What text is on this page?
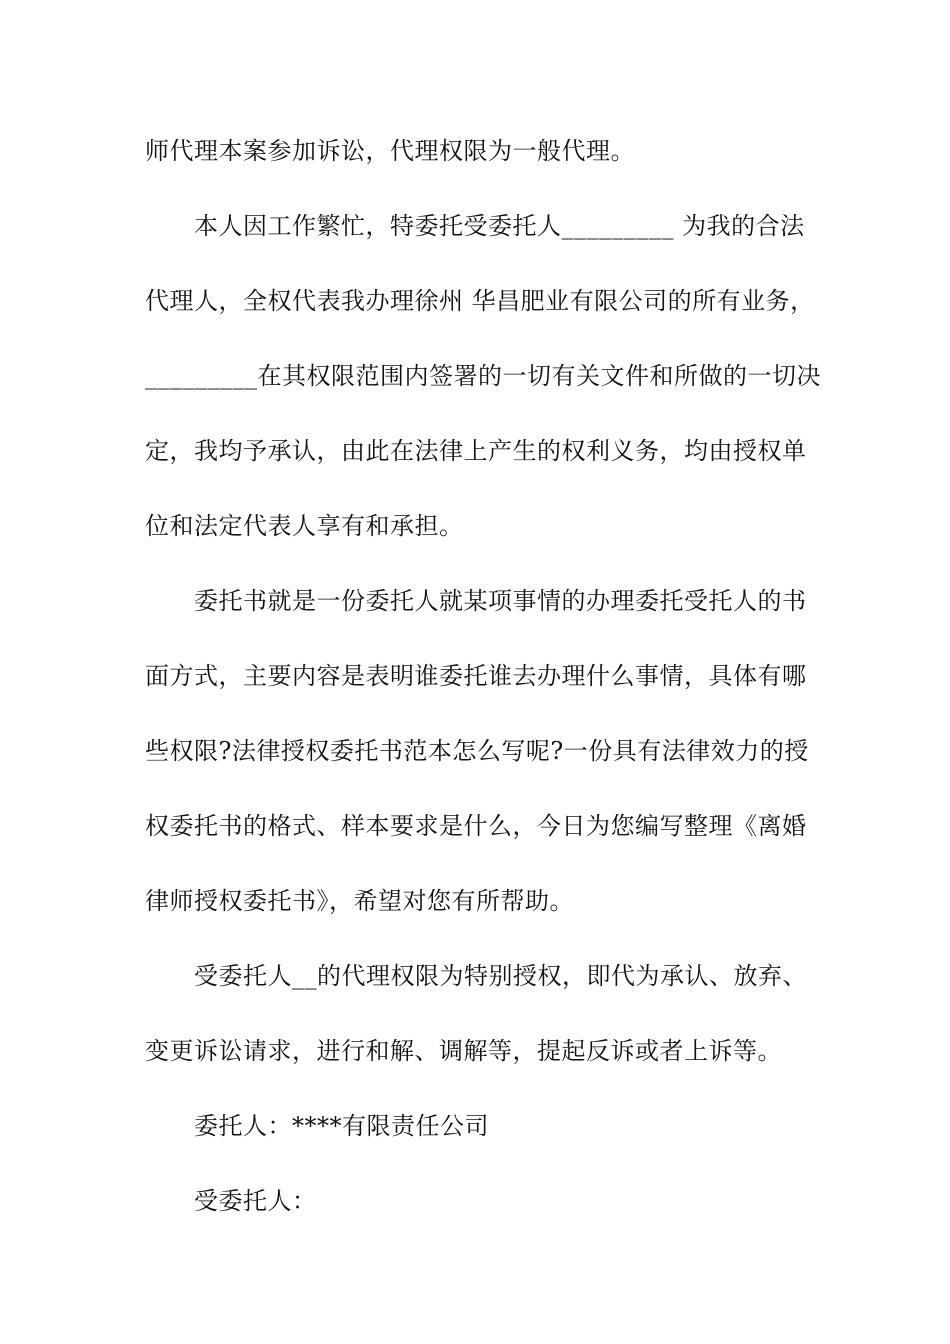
师代理本案参加诉讼，代理权限为一般代理。
本人因工作繁忙，特委托受委托人_________ 为我的合法
代理人，全权代表我办理徐州 华昌肥业有限公司的所有业务，
_________在其权限范围内签署的一切有关文件和所做的一切决
定，我均予承认，由此在法律上产生的权利义务，均由授权单
位和法定代表人享有和承担。
委托书就是一份委托人就某项事情的办理委托受托人的书
面方式，主要内容是表明谁委托谁去办理什么事情，具体有哪
些权限?法律授权委托书范本怎么写呢?一份具有法律效力的授
权委托书的格式、样本要求是什么，今日为您编写整理《离婚
律师授权委托书》，希望对您有所帮助。
受委托人__的代理权限为特别授权，即代为承认、放弃、
变更诉讼请求，进行和解、调解等，提起反诉或者上诉等。
委托人：****有限责任公司
受委托人：
